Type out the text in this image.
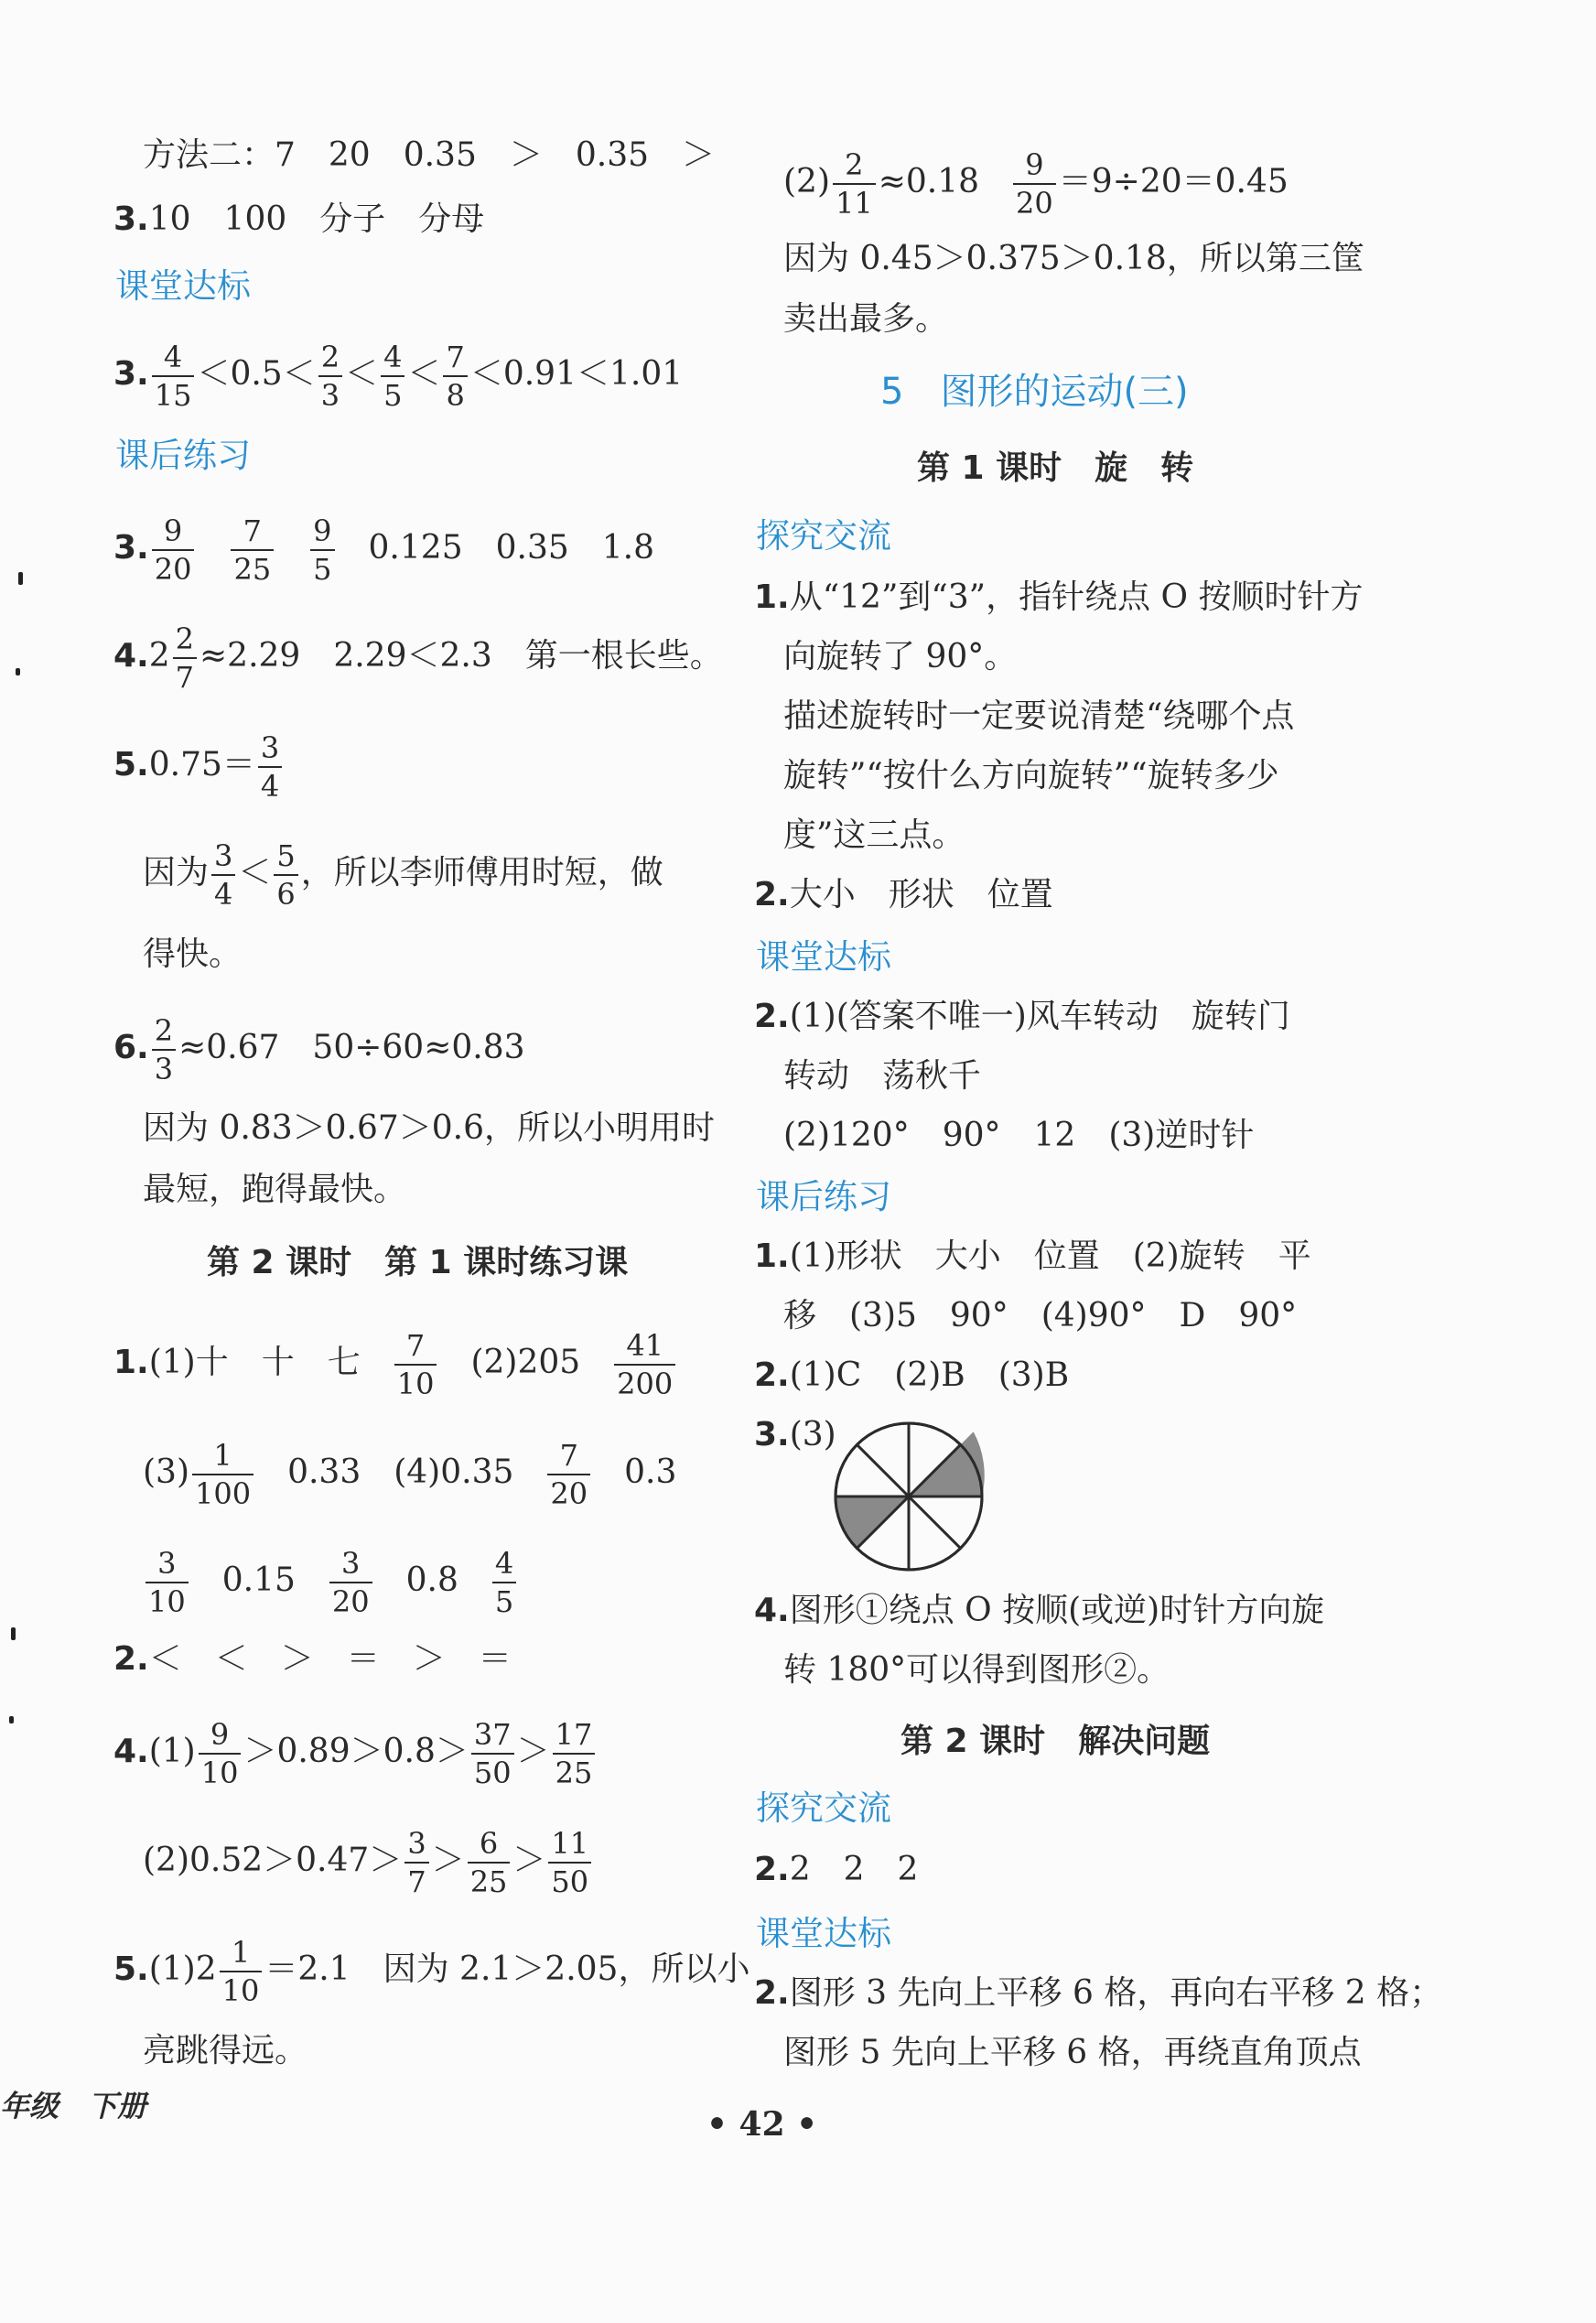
方法二：7　20　0.35　＞　0.35　＞
3.10　100　分子　分母
课堂达标
3. $\frac{4}{15} <0.5< \frac{2}{3} < \frac{4}{5} < \frac{7}{8} <0.91<1.01$
课后练习
3. $\frac{9}{20} \frac{7}{25} \frac{9}{5} 0.125$　0.35　1.8
$4.2 \frac{2}{7} \approx 2.29$　2.29＜2.3　第一根长些。
$5.0.75= \frac{3}{4}$
因为 $\frac{3}{4} < \frac{5}{6}$ ，所以李师傅用时短，做
得快。
6. $\frac{2}{3} \approx 0.67$　50÷60≈0.83
因为 0.83＞0.67＞0.6，所以小明用时
最短，跑得最快。
第 2 课时　第 1 课时练习课
1.(1)十　十　七 $\frac{7}{10} (2)205 \frac{41}{200}$
$(3) \frac{1}{100} 0.33$　$(4)0.35 \frac{7}{20} 0.3$
$\frac{3}{10} 0.15 \frac{3}{20} 0.8 \frac{4}{5}$
2.＜　＜　＞　＝　＞　＝
$4.(1) \frac{9}{10} >0.89>0.8> \frac{37}{50} > \frac{17}{25}$
$(2)0.52>0.47> \frac{3}{7} > \frac{6}{25} > \frac{11}{50}$
$5.(1)2 \frac{1}{10} =2.1$　因为 2.1＞2.05，所以小
亮跳得远。
$(2) \frac{2}{11} \approx 0.18 \frac{9}{20} =9\div 20=0.45$
因为 0.45＞0.375＞0.18，所以第三筐
卖出最多。
5　图形的运动(三)
第 1 课时　旋　转
探究交流
1.从“12”到“3”，指针绕点 O 按顺时针方
向旋转了 90°。
描述旋转时一定要说清楚“绕哪个点
旋转”“按什么方向旋转”“旋转多少
度”这三点。
2.大小　形状　位置
课堂达标
2.(1)(答案不唯一)风车转动　旋转门
转动　荡秋千
(2)120°　90°　12　(3)逆时针
课后练习
1.(1)形状　大小　位置　(2)旋转　平
移　(3)5　90°　(4)90°　D　90°
2.(1)C　(2)B　(3)B
3.(3)
4.图形①绕点 O 按顺(或逆)时针方向旋
转 180°可以得到图形②。
第 2 课时　解决问题
探究交流
2.2　2　2
课堂达标
2.图形 3 先向上平移 6 格，再向右平移 2 格；
图形 5 先向上平移 6 格，再绕直角顶点
年级　下册	• 42 •
